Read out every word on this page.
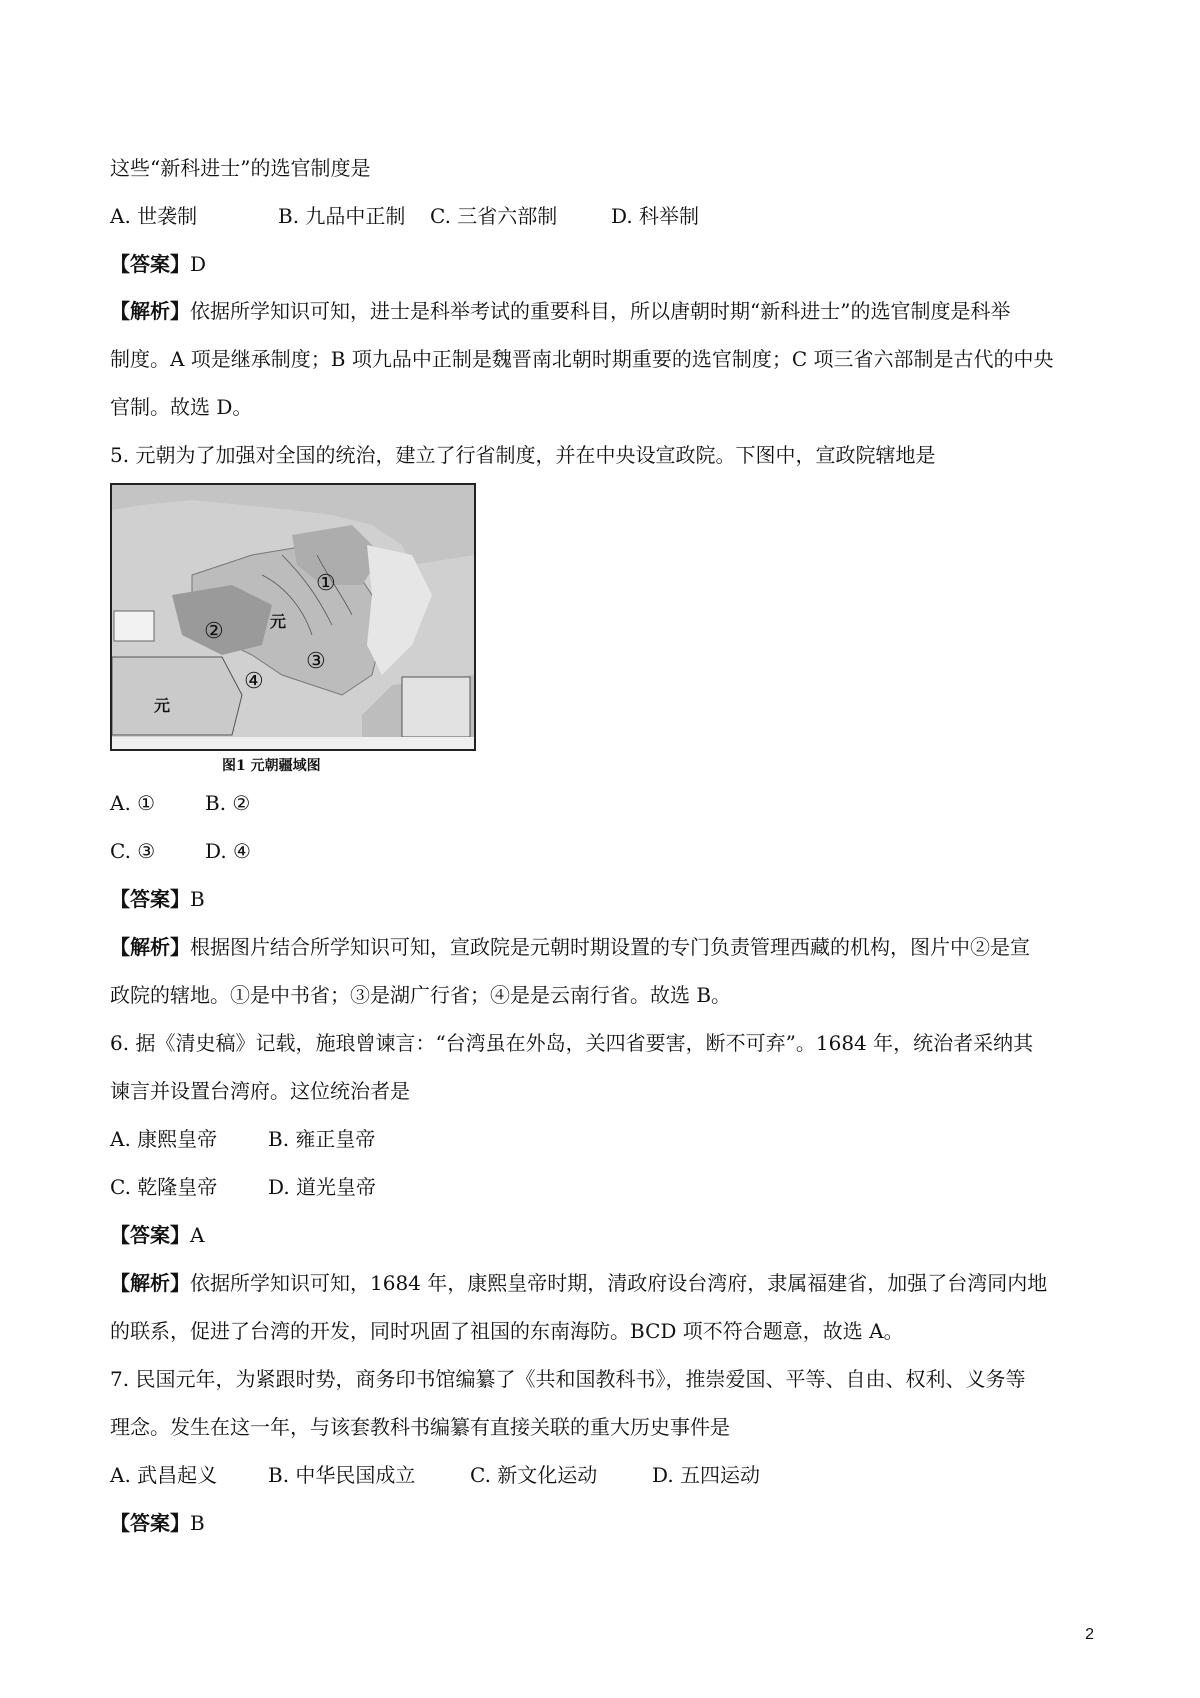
这些“新科进士”的选官制度是
A. 世袭制	B. 九品中正制 C. 三省六部制	D. 科举制
【答案】D
【解析】依据所学知识可知，进士是科举考试的重要科目，所以唐朝时期“新科进士”的选官制度是科举
制度。A 项是继承制度；B 项九品中正制是魏晋南北朝时期重要的选官制度；C 项三省六部制是古代的中央
官制。故选 D。
5. 元朝为了加强对全国的统治，建立了行省制度，并在中央设宣政院。下图中，宣政院辖地是
①
②
③
④
元
元
图1 元朝疆域图
A. ① B. ②
C. ③ D. ④
【答案】B
【解析】根据图片结合所学知识可知，宣政院是元朝时期设置的专门负责管理西藏的机构，图片中②是宣
政院的辖地。①是中书省；③是湖广行省；④是是云南行省。故选 B。
6. 据《清史稿》记载，施琅曾谏言：“台湾虽在外岛，关四省要害，断不可弃”。1684 年，统治者采纳其
谏言并设置台湾府。这位统治者是
A. 康熙皇帝	B. 雍正皇帝
C. 乾隆皇帝	D. 道光皇帝
【答案】A
【解析】依据所学知识可知，1684 年，康熙皇帝时期，清政府设台湾府，隶属福建省，加强了台湾同内地
的联系，促进了台湾的开发，同时巩固了祖国的东南海防。BCD 项不符合题意，故选 A。
7. 民国元年，为紧跟时势，商务印书馆编纂了《共和国教科书》，推崇爱国、平等、自由、权利、义务等
理念。发生在这一年，与该套教科书编纂有直接关联的重大历史事件是
A. 武昌起义	B. 中华民国成立	C. 新文化运动	D. 五四运动
【答案】B
2
